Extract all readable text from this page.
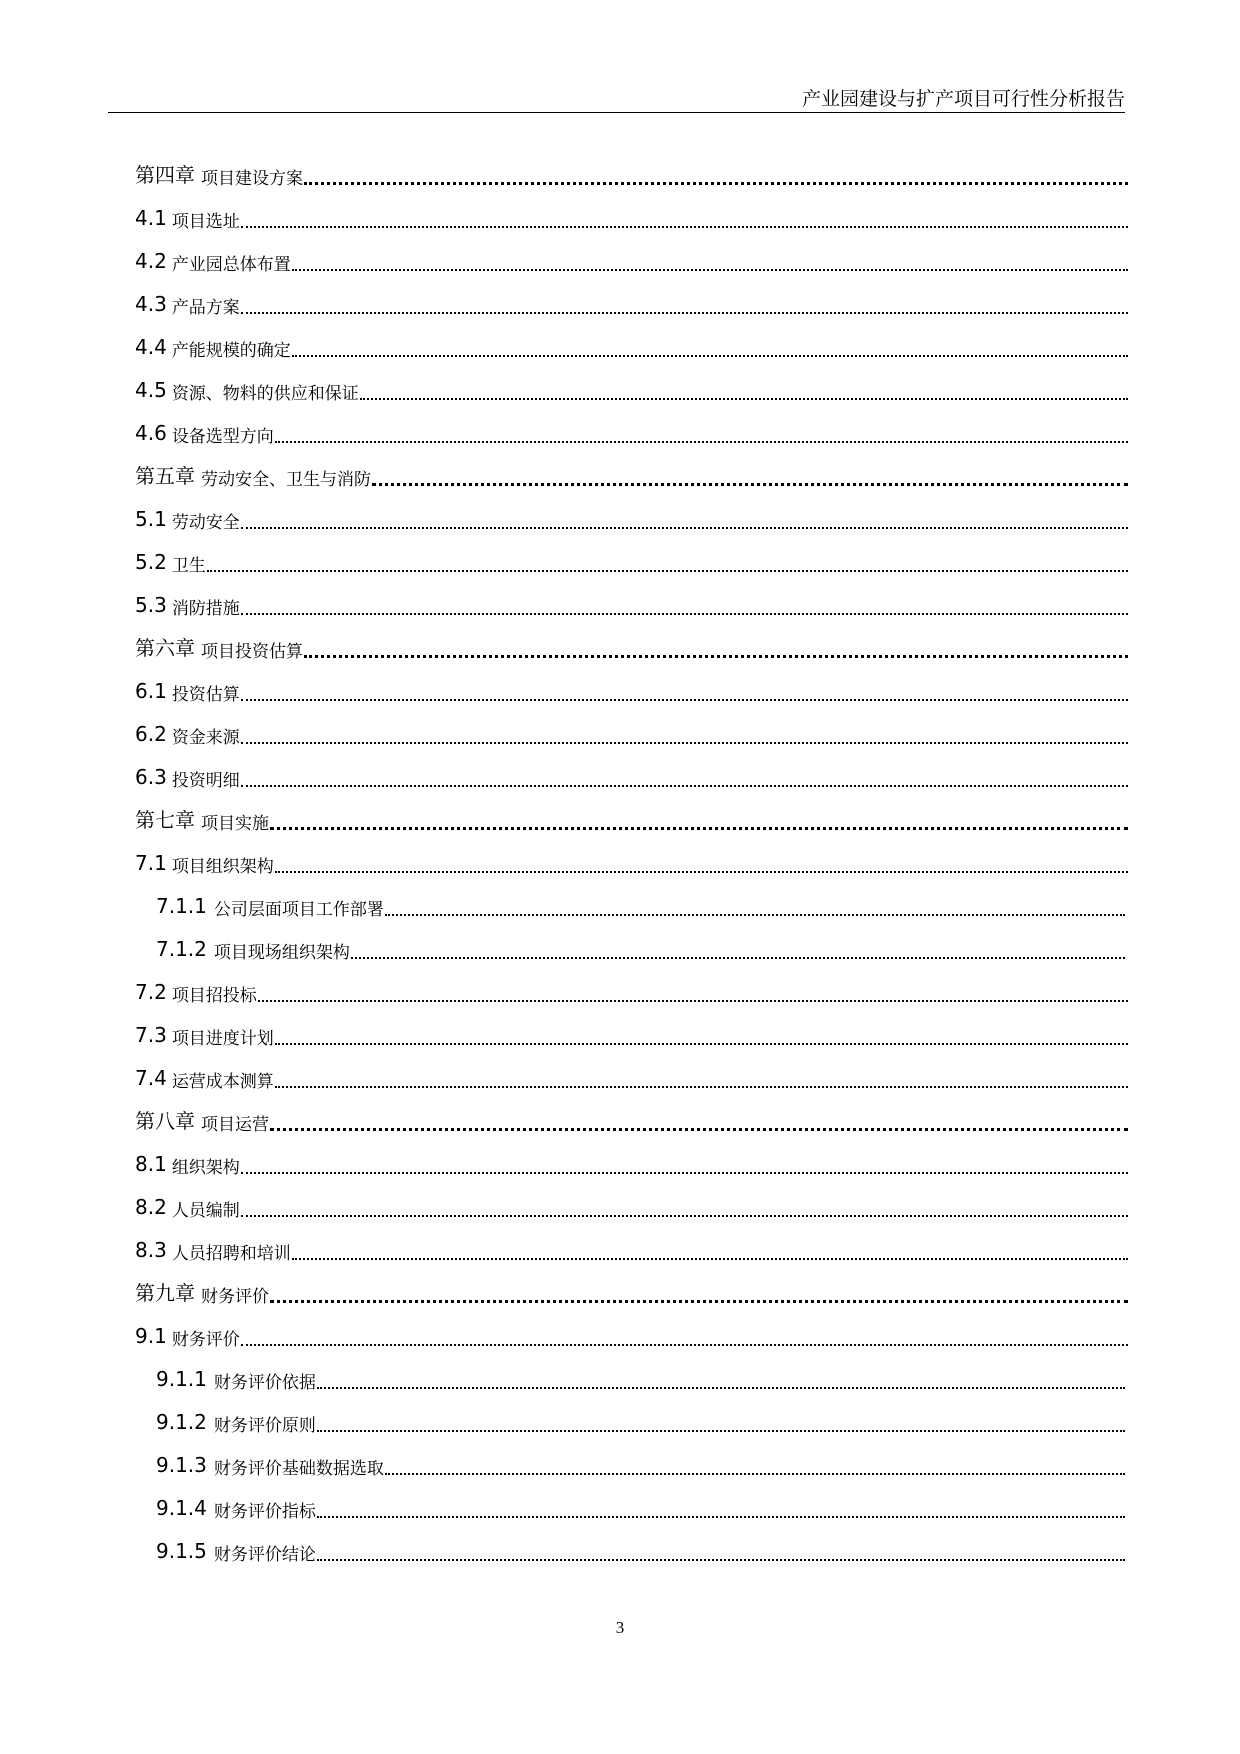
产业园建设与扩产项目可行性分析报告
第四章 项目建设方案
4.1 项目选址
4.2 产业园总体布置
4.3 产品方案
4.4 产能规模的确定
4.5 资源、物料的供应和保证
4.6 设备选型方向
第五章 劳动安全、卫生与消防
5.1 劳动安全
5.2 卫生
5.3 消防措施
第六章 项目投资估算
6.1 投资估算
6.2 资金来源
6.3 投资明细
第七章 项目实施
7.1 项目组织架构
7.1.1 公司层面项目工作部署
7.1.2 项目现场组织架构
7.2 项目招投标
7.3 项目进度计划
7.4 运营成本测算
第八章 项目运营
8.1 组织架构
8.2 人员编制
8.3 人员招聘和培训
第九章 财务评价
9.1 财务评价
9.1.1 财务评价依据
9.1.2 财务评价原则
9.1.3 财务评价基础数据选取
9.1.4 财务评价指标
9.1.5 财务评价结论
3
